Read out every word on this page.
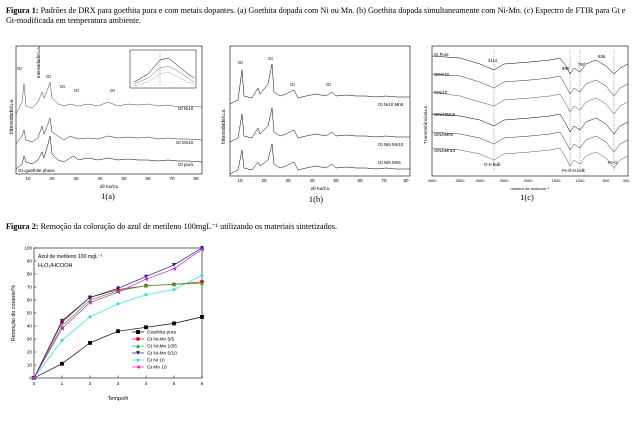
Figura 1: Padrões de DRX para goethita pura e com metais dopantes. (a) Goethita dopada com Ni ou Mn. (b) Goethita dopada simultaneamente com Ni-Mn. (c) Espectro de FTIR para Gt e Gt-modificada em temperatura ambiente.

Gt
Gt
Gt
Gt	Gt
Gt Ni10
Gt Mn10
Gt pura
Gt=goethite phase
Intensidade/u.a.
10	20	30	40	50	60	70	80
2θ Kα/Cu
Intensidade/u.a.
1(a)
Gt
Gt
Gt	Gt
Gt Ni10 Mn5
Gt Ni5 Mn10
Gt Ni5 Mn5
10	20	30	40	50	60	70	80
2θ Kα/Cu
Intensidade/u.a.
1(b)
Gt Pura
GtMn10
GtNi10
GtNi10Mn5
GtNi5Mn5
GtNi5Mn10
3114
890
797
636
O-H bulk	Fe-O
Fe-O-H bulk
4000	3500	3000	2500	2000	1500	1000	500	400
número de onda/cm⁻¹
Transmitância/u.a.
1(c)

Figura 2: Remoção da coloração do azul de metileno 100mgL⁻¹ utilizando os materiais sintetizados.

0
10
20
30
40
50
60
70
80
90
100
0	1	2	3	4	5	6
Azul de metileno 100 mgL⁻¹
H₂O₂/HCOOH
Tempo/h
Remoção do corante/%	Goethita pura
Gt Ni-Mn 5/5
Gt Ni-Mn 10/5
Gt Ni-Mn 5/10
Gt Ni 10
Gt Mn 10
